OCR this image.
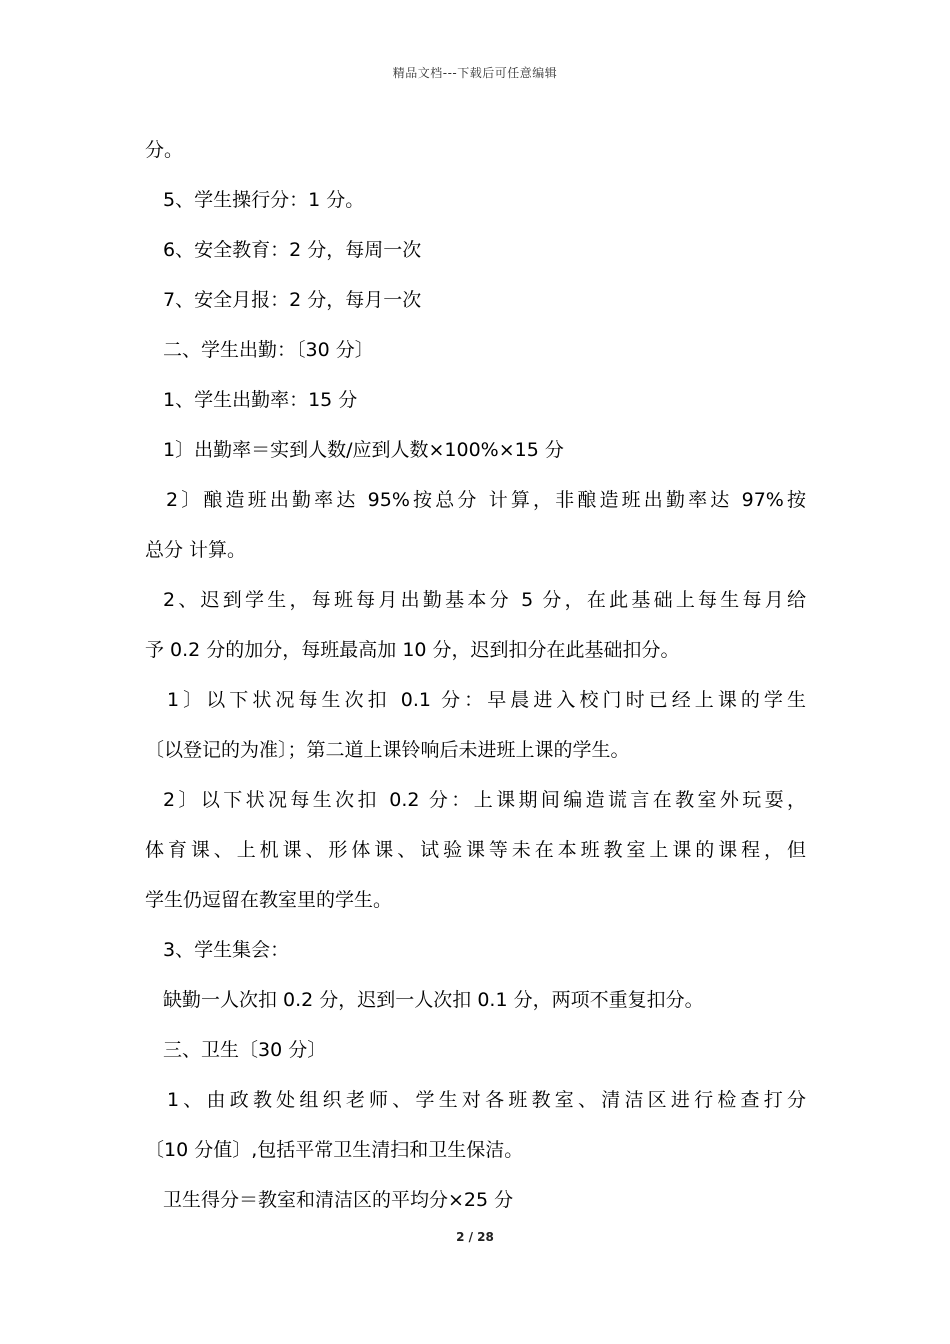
精品文档---下载后可任意编辑
分。
5、学生操行分：1 分。
6、安全教育：2 分，每周一次
7、安全月报：2 分，每月一次
二、学生出勤：〔30 分〕
1、学生出勤率：15 分
1〕出勤率＝实到人数/应到人数×100%×15 分
2〕酿造班出勤率达 95%按总分 计算，非酿造班出勤率达 97%按
总分 计算。
2、迟到学生，每班每月出勤基本分 5 分，在此基础上每生每月给
予 0.2 分的加分，每班最高加 10 分，迟到扣分在此基础扣分。
1〕以下状况每生次扣 0.1 分：早晨进入校门时已经上课的学生
〔以登记的为准〕；第二道上课铃响后未进班上课的学生。
2〕以下状况每生次扣 0.2 分：上课期间编造谎言在教室外玩耍，
体育课、上机课、形体课、试验课等未在本班教室上课的课程，但
学生仍逗留在教室里的学生。
3、学生集会：
缺勤一人次扣 0.2 分，迟到一人次扣 0.1 分，两项不重复扣分。
三、卫生〔30 分〕
1、由政教处组织老师、学生对各班教室、清洁区进行检查打分
〔10 分值〕,包括平常卫生清扫和卫生保洁。
卫生得分＝教室和清洁区的平均分×25 分
2 / 28
